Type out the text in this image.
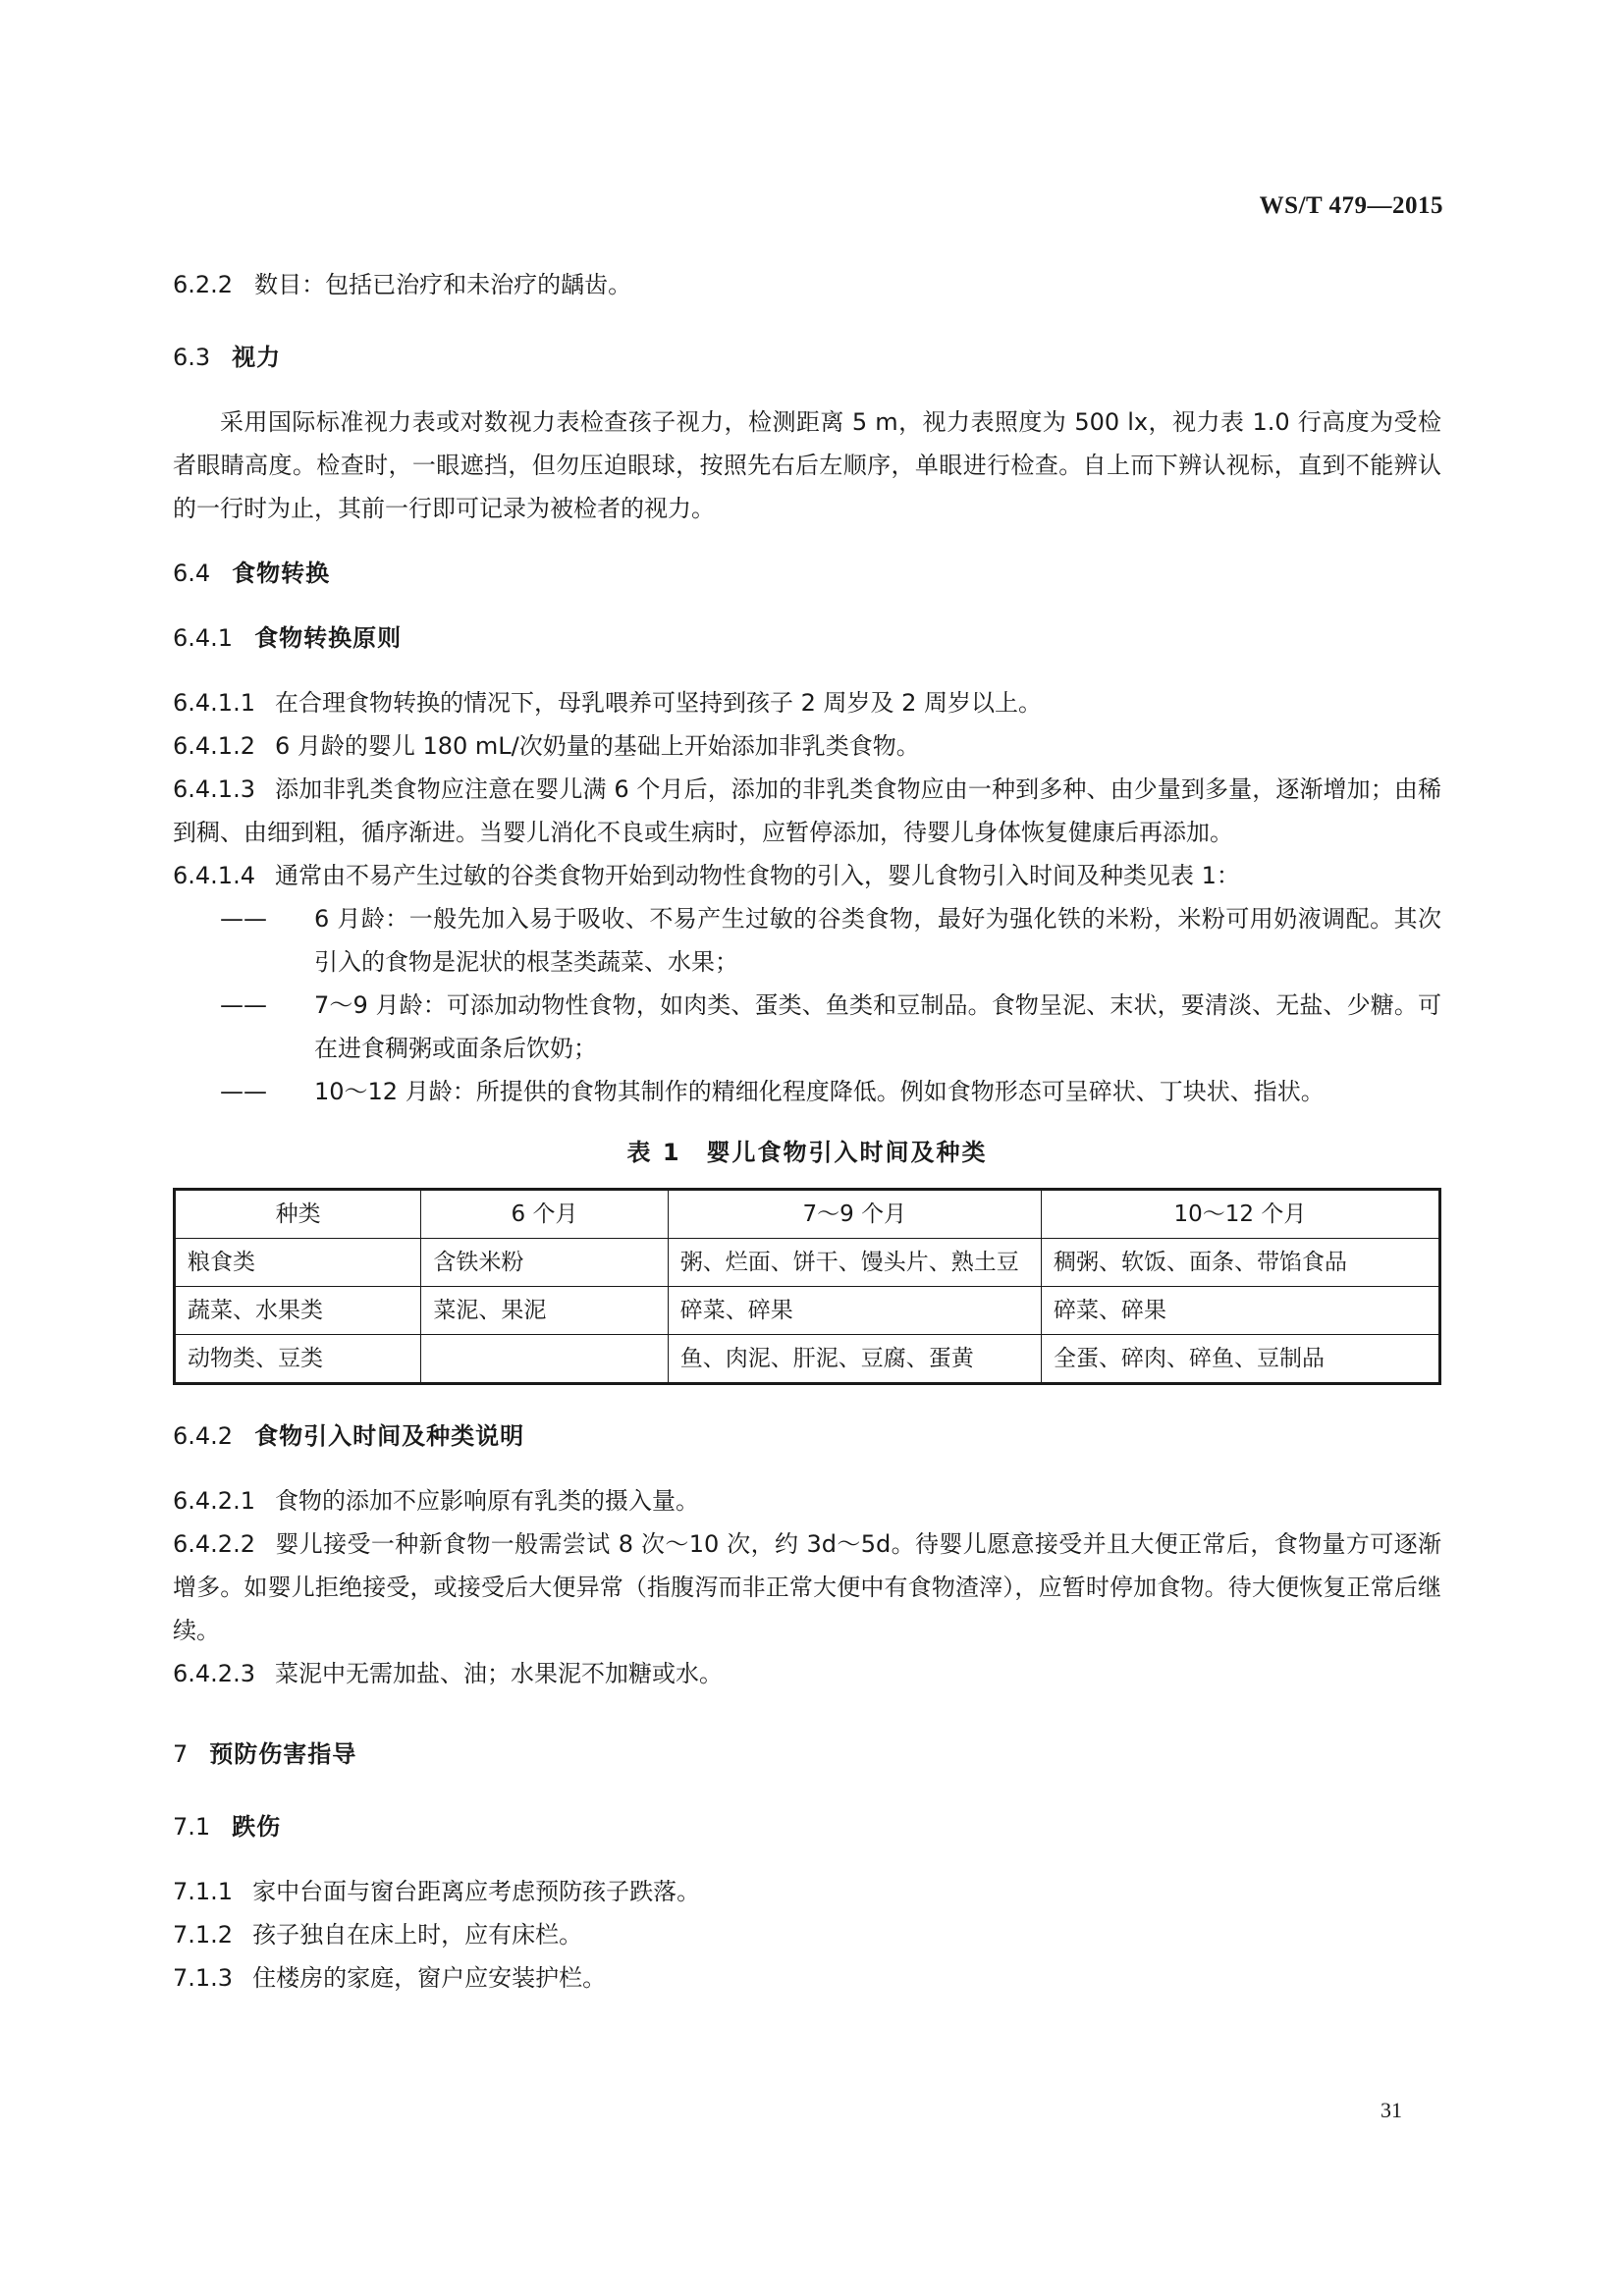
WS/T 479—2015

6.2.2 数目：包括已治疗和未治疗的龋齿。

6.3 视力

采用国际标准视力表或对数视力表检查孩子视力，检测距离 5 m，视力表照度为 500 lx，视力表 1.0 行高度为受检者眼睛高度。检查时，一眼遮挡，但勿压迫眼球，按照先右后左顺序，单眼进行检查。自上而下辨认视标，直到不能辨认的一行时为止，其前一行即可记录为被检者的视力。

6.4 食物转换

6.4.1 食物转换原则

6.4.1.1 在合理食物转换的情况下，母乳喂养可坚持到孩子 2 周岁及 2 周岁以上。

6.4.1.2 6 月龄的婴儿 180 mL/次奶量的基础上开始添加非乳类食物。

6.4.1.3 添加非乳类食物应注意在婴儿满 6 个月后，添加的非乳类食物应由一种到多种、由少量到多量，逐渐增加；由稀到稠、由细到粗，循序渐进。当婴儿消化不良或生病时，应暂停添加，待婴儿身体恢复健康后再添加。

6.4.1.4 通常由不易产生过敏的谷类食物开始到动物性食物的引入，婴儿食物引入时间及种类见表 1：

—— 6 月龄：一般先加入易于吸收、不易产生过敏的谷类食物，最好为强化铁的米粉，米粉可用奶液调配。其次引入的食物是泥状的根茎类蔬菜、水果；

—— 7～9 月龄：可添加动物性食物，如肉类、蛋类、鱼类和豆制品。食物呈泥、末状，要清淡、无盐、少糖。可在进食稠粥或面条后饮奶；

—— 10～12 月龄：所提供的食物其制作的精细化程度降低。例如食物形态可呈碎状、丁块状、指状。

表 1　婴儿食物引入时间及种类

种类	6 个月	7～9 个月	10～12 个月
粮食类	含铁米粉	粥、烂面、饼干、馒头片、熟土豆	稠粥、软饭、面条、带馅食品
蔬菜、水果类	菜泥、果泥	碎菜、碎果	碎菜、碎果
动物类、豆类		鱼、肉泥、肝泥、豆腐、蛋黄	全蛋、碎肉、碎鱼、豆制品

6.4.2 食物引入时间及种类说明

6.4.2.1 食物的添加不应影响原有乳类的摄入量。

6.4.2.2 婴儿接受一种新食物一般需尝试 8 次～10 次，约 3d～5d。待婴儿愿意接受并且大便正常后，食物量方可逐渐增多。如婴儿拒绝接受，或接受后大便异常（指腹泻而非正常大便中有食物渣滓），应暂时停加食物。待大便恢复正常后继续。

6.4.2.3 菜泥中无需加盐、油；水果泥不加糖或水。

7 预防伤害指导

7.1 跌伤

7.1.1 家中台面与窗台距离应考虑预防孩子跌落。

7.1.2 孩子独自在床上时，应有床栏。

7.1.3 住楼房的家庭，窗户应安装护栏。

31
